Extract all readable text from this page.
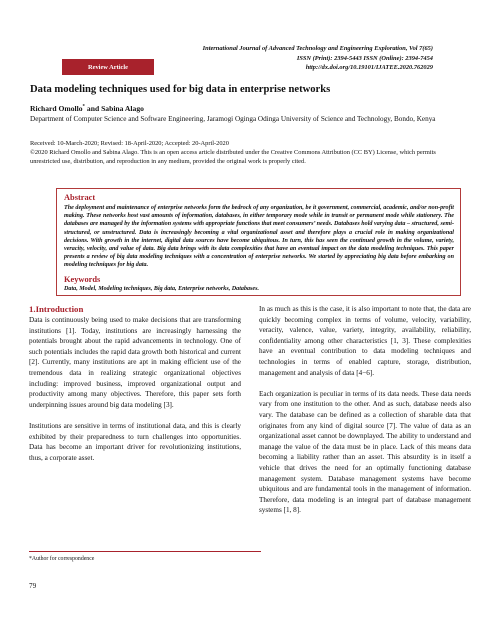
Review Article
International Journal of Advanced Technology and Engineering Exploration, Vol 7(65)
ISSN (Print): 2394-5443 ISSN (Online): 2394-7454
http://dx.doi.org/10.19101/IJATEE.2020.762029
Data modeling techniques used for big data in enterprise networks
Richard Omollo* and Sabina Alago
Department of Computer Science and Software Engineering, Jaramogi Oginga Odinga University of Science and Technology, Bondo, Kenya
Received: 10-March-2020; Revised: 18-April-2020; Accepted: 20-April-2020
©2020 Richard Omollo and Sabina Alago. This is an open access article distributed under the Creative Commons Attribution (CC BY) License, which permits unrestricted use, distribution, and reproduction in any medium, provided the original work is properly cited.
Abstract
The deployment and maintenance of enterprise networks form the bedrock of any organization, be it government, commercial, academic, and/or non-profit making. These networks host vast amounts of information, databases, in either temporary mode while in transit or permanent mode while stationery. The databases are managed by the information systems with appropriate functions that meet consumers’ needs. Databases hold varying data – structured, semi-structured, or unstructured. Data is increasingly becoming a vital organizational asset and therefore plays a crucial role in making organizational decisions. With growth in the internet, digital data sources have become ubiquitous. In turn, this has seen the continued growth in the volume, variety, veracity, velocity, and value of data. Big data brings with its data complexities that have an eventual impact on the data modeling techniques. This paper presents a review of big data modeling techniques with a concentration of enterprise networks. We started by appreciating big data before embarking on modeling techniques for big data.
Keywords
Data, Model, Modeling techniques, Big data, Enterprise networks, Databases.
1.Introduction

Data is continuously being used to make decisions that are transforming institutions [1]. Today, institutions are increasingly harnessing the potentials brought about the rapid advancements in technology. One of such potentials includes the rapid data growth both historical and current [2]. Currently, many institutions are apt in making efficient use of the tremendous data in realizing strategic organizational objectives including: improved business, improved organizational output and productivity among many objectives. Therefore, this paper sets forth underpinning issues around big data modeling [3].

Institutions are sensitive in terms of institutional data, and this is clearly exhibited by their preparedness to turn challenges into opportunities. Data has become an important driver for revolutionizing institutions, thus, a corporate asset.

In as much as this is the case, it is also important to note that, the data are quickly becoming complex in terms of volume, velocity, variability, veracity, valence, value, variety, integrity, availability, reliability, confidentiality among other characteristics [1, 3]. These complexities have an eventual contribution to data modeling techniques and technologies in terms of enabled capture, storage, distribution, management and analysis of data [4−6].

Each organization is peculiar in terms of its data needs. These data needs vary from one institution to the other. And as such, database needs also vary. The database can be defined as a collection of sharable data that originates from any kind of digital source [7]. The value of data as an organizational asset cannot be downplayed. The ability to understand and manage the value of the data must be in place. Lack of this means data becoming a liability rather than an asset. This absurdity is in itself a vehicle that drives the need for an optimally functioning database management system. Database management systems have become ubiquitous and are fundamental tools in the management of information. Therefore, data modeling is an integral part of database management systems [1, 8].

*Author for correspondence
79
